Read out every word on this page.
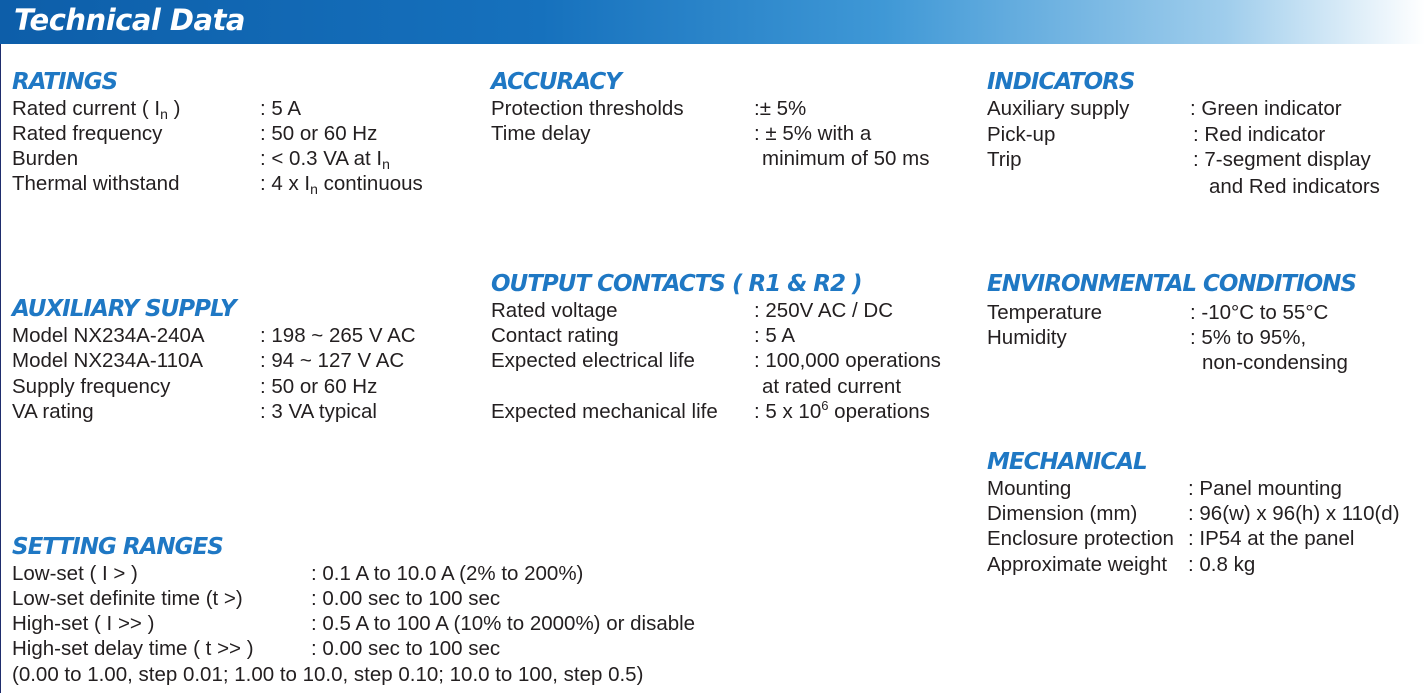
Technical Data
RATINGS
Rated current ( In )	: 5 A
Rated frequency	: 50 or 60 Hz
Burden	: < 0.3 VA at In
Thermal withstand	: 4 x In continuous
ACCURACY
Protection thresholds	:± 5%
Time delay	: ± 5% with a
minimum of 50 ms
INDICATORS
Auxiliary supply	: Green indicator
Pick-up	: Red indicator
Trip	: 7-segment display
and Red indicators
AUXILIARY SUPPLY
Model NX234A-240A	: 198 ~ 265 V AC
Model NX234A-110A	: 94 ~ 127 V AC
Supply frequency	: 50 or 60 Hz
VA rating	: 3 VA typical
OUTPUT CONTACTS ( R1 & R2 )
Rated voltage	: 250V AC / DC
Contact rating	: 5 A
Expected electrical life	: 100,000 operations
at rated current
Expected mechanical life : 5 x $10^6$ operations
ENVIRONMENTAL CONDITIONS
Temperature	: -10°C to 55°C
Humidity	: 5% to 95%,
non-condensing
MECHANICAL
Mounting	: Panel mounting
Dimension (mm) : 96(w) x 96(h) x 110(d)
Enclosure protection : IP54 at the panel
Approximate weight : 0.8 kg
SETTING RANGES
Low-set ( I > )	: 0.1 A to 10.0 A (2% to 200%)
Low-set definite time (t >)	: 0.00 sec to 100 sec
High-set ( I >> )	: 0.5 A to 100 A (10% to 2000%) or disable
High-set delay time ( t >> )	: 0.00 sec to 100 sec
(0.00 to 1.00, step 0.01; 1.00 to 10.0, step 0.10; 10.0 to 100, step 0.5)
